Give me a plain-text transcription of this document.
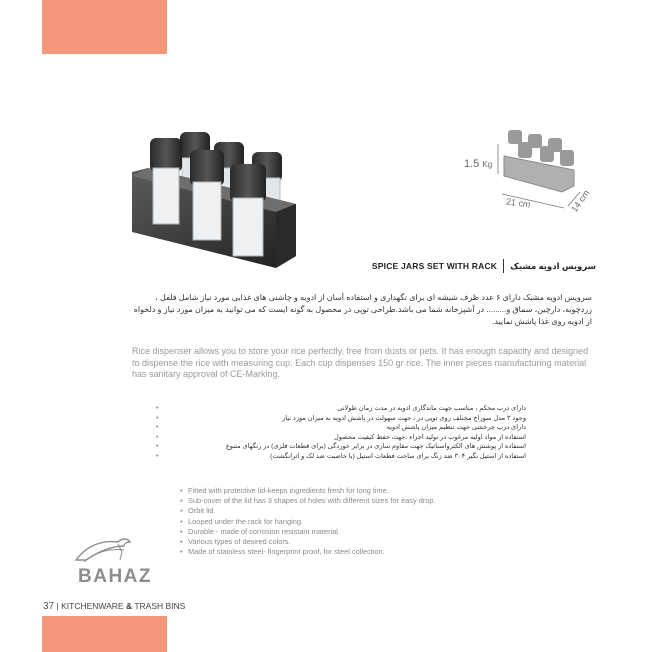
1.5 Kg
21 cm	14 cm
SPICE JARS SET WITH RACK سرویس ادویه مشبک
سرویس ادویه مشبک دارای ۶ عدد ظرف شیشه ای برای نگهداری و استفاده آسان از ادویه و چاشنی های غذایی مورد نیاز شامل فلفل ، زردچوبه، دارچین، سماق و......... در آشپزخانه شما می باشد.طراحی توپی در محصول به گونه ایست که می توانید به میزان مورد نیاز و دلخواه از ادویه روی غذا پاشش نمایید.
Rice dispenser allows you to store your rice perfectly, free from dusts or pets. It has enough capacity and designed to dispense the rice with measuring cup. Each cup dispenses 150 gr rice. The inner pieces manufacturing material has sanitary approval of CE-Marking.
•	دارای درب محکم ، مناسب جهت ماندگاری ادویه در مدت زمان طولانی
•	وجود ۳ مدل سوراخ مختلف روی توپی در ، جهت سهولت در پاشش ادویه به میزان مورد نیاز
•	دارای درب چرخشی جهت تنظیم میزان پاشش ادویه
•	استفاده از مواد اولیه مرغوب در تولید اجزاء ،جهت حفظ کیفیت محصول
•	استفاده از پوشش های الکترواستاتیک جهت مقاوم سازی در برابر خوردگی (برای قطعات فلزی) در رنگهای متنوع
•	استفاده از استیل نگیر ۳۰۴ ضد زنگ برای ساخت قطعات استیل (با خاصیت ضد لک و اثرانگشت)
• Fitted with protective lid-keeps ingredients fresh for long time.
• Sub-cover of the lid has 3 shapes of holes with different sizes for easy drop.
• Orbit lid.
• Looped under the rack for hanging.
• Durable - made of corrosion resistant material.
• Various types of desired colors.
• Made of stainless steel- fingerprint proof, for steel collection.
BAHAZ
37 | KITCHENWARE & TRASH BINS
